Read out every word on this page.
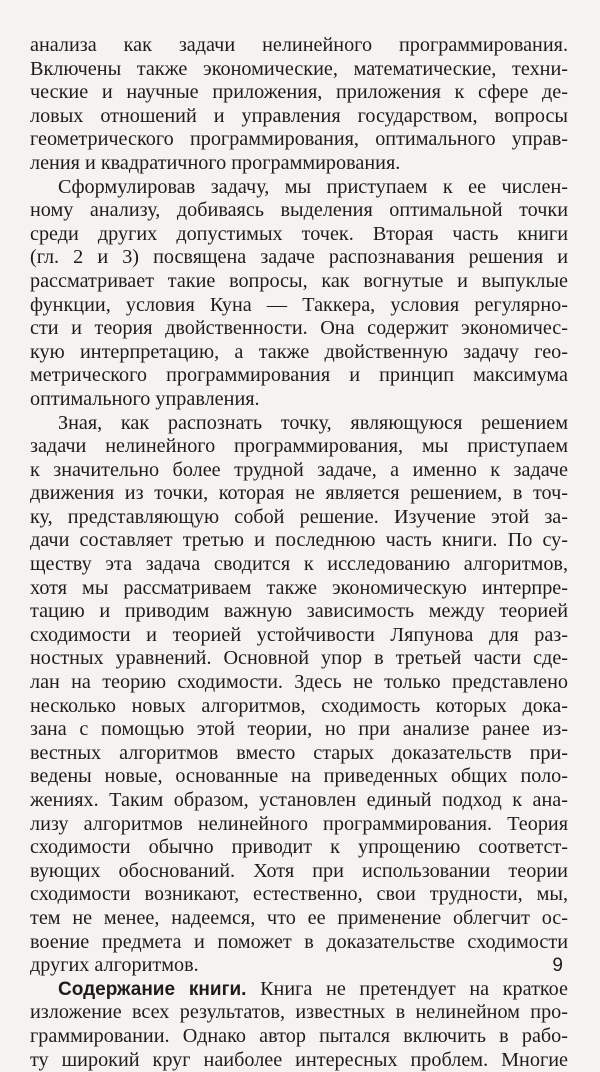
анализа как задачи нелинейного программирования.
Включены также экономические, математические, техни-
ческие и научные приложения, приложения к сфере де-
ловых отношений и управления государством, вопросы
геометрического программирования, оптимального управ-
ления и квадратичного программирования.
Сформулировав задачу, мы приступаем к ее числен-
ному анализу, добиваясь выделения оптимальной точки
среди других допустимых точек. Вторая часть книги
(гл. 2 и 3) посвящена задаче распознавания решения и
рассматривает такие вопросы, как вогнутые и выпуклые
функции, условия Куна — Таккера, условия регулярно-
сти и теория двойственности. Она содержит экономичес-
кую интерпретацию, а также двойственную задачу гео-
метрического программирования и принцип максимума
оптимального управления.
Зная, как распознать точку, являющуюся решением
задачи нелинейного программирования, мы приступаем
к значительно более трудной задаче, а именно к задаче
движения из точки, которая не является решением, в точ-
ку, представляющую собой решение. Изучение этой за-
дачи составляет третью и последнюю часть книги. По су-
ществу эта задача сводится к исследованию алгоритмов,
хотя мы рассматриваем также экономическую интерпре-
тацию и приводим важную зависимость между теорией
сходимости и теорией устойчивости Ляпунова для раз-
ностных уравнений. Основной упор в третьей части сде-
лан на теорию сходимости. Здесь не только представлено
несколько новых алгоритмов, сходимость которых дока-
зана с помощью этой теории, но при анализе ранее из-
вестных алгоритмов вместо старых доказательств при-
ведены новые, основанные на приведенных общих поло-
жениях. Таким образом, установлен единый подход к ана-
лизу алгоритмов нелинейного программирования. Теория
сходимости обычно приводит к упрощению соответст-
вующих обоснований. Хотя при использовании теории
сходимости возникают, естественно, свои трудности, мы,
тем не менее, надеемся, что ее применение облегчит ос-
воение предмета и поможет в доказательстве сходимости
других алгоритмов.
Содержание книги. Книга не претендует на краткое
изложение всех результатов, известных в нелинейном про-
граммировании. Однако автор пытался включить в рабо-
ту широкий круг наиболее интересных проблем. Многие
9
